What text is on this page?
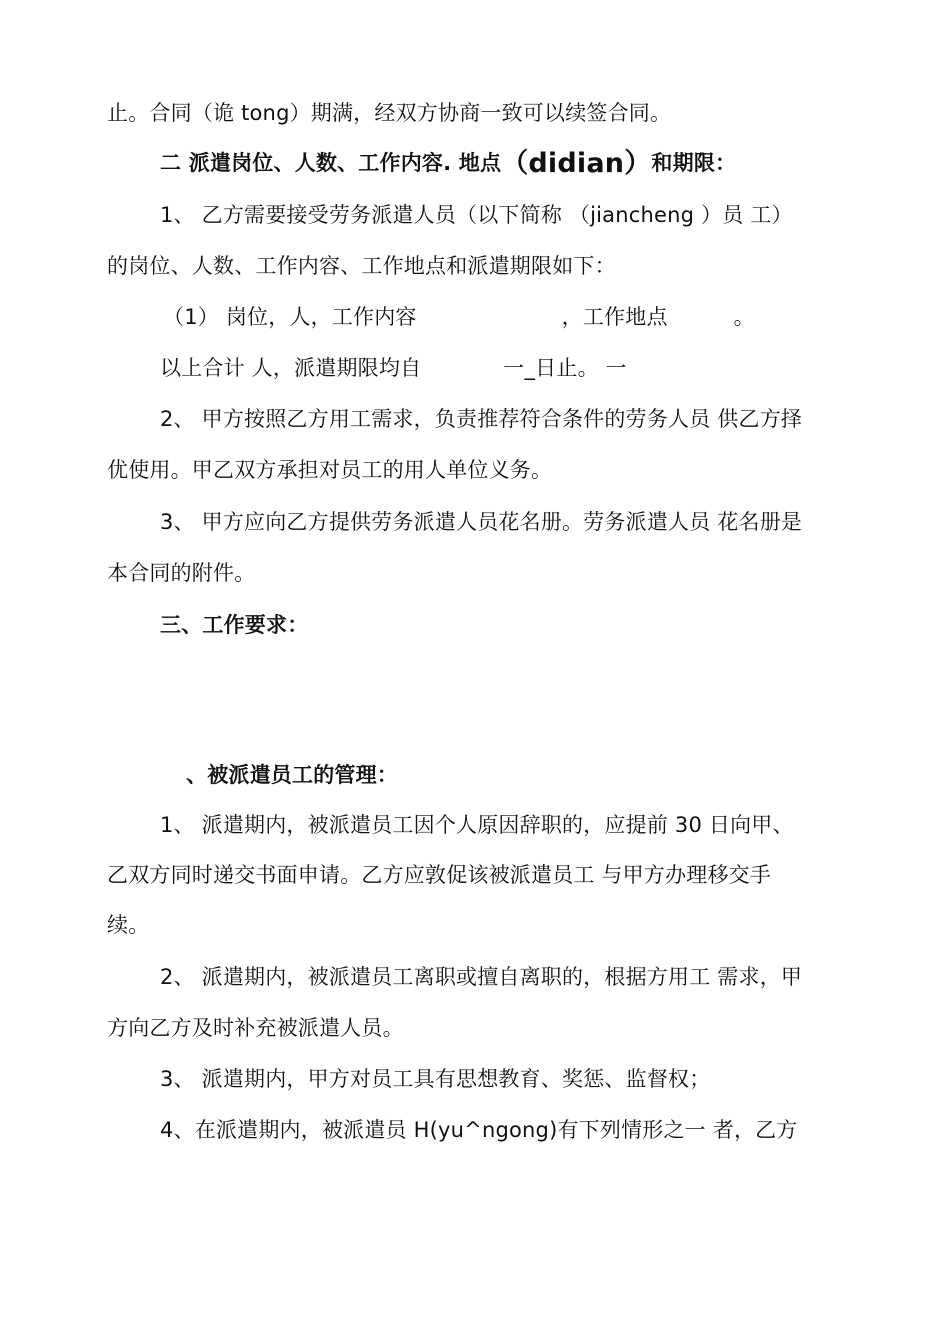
止。合同（诡 tong）期满，经双方协商一致可以续签合同。
二 派遣岗位、人数、工作内容. 地点（didian）和期限：
1、 乙方需要接受劳务派遣人员（以下简称 （jiancheng ）员 工）
的岗位、人数、工作内容、工作地点和派遣期限如下：
（1） 岗位，人，工作内容	，工作地点	。
以上合计 人，派遣期限均自	一_日止。 一
2、 甲方按照乙方用工需求，负责推荐符合条件的劳务人员 供乙方择
优使用。甲乙双方承担对员工的用人单位义务。
3、 甲方应向乙方提供劳务派遣人员花名册。劳务派遣人员 花名册是
本合同的附件。
三、工作要求：
、被派遣员工的管理：
1、 派遣期内，被派遣员工因个人原因辞职的，应提前 30 日向甲、
乙双方同时递交书面申请。乙方应敦促该被派遣员工 与甲方办理移交手
续。
2、 派遣期内，被派遣员工离职或擅自离职的，根据方用工 需求，甲
方向乙方及时补充被派遣人员。
3、 派遣期内，甲方对员工具有思想教育、奖惩、监督权；
4、在派遣期内，被派遣员 H(yu^ngong)有下列情形之一 者，乙方
